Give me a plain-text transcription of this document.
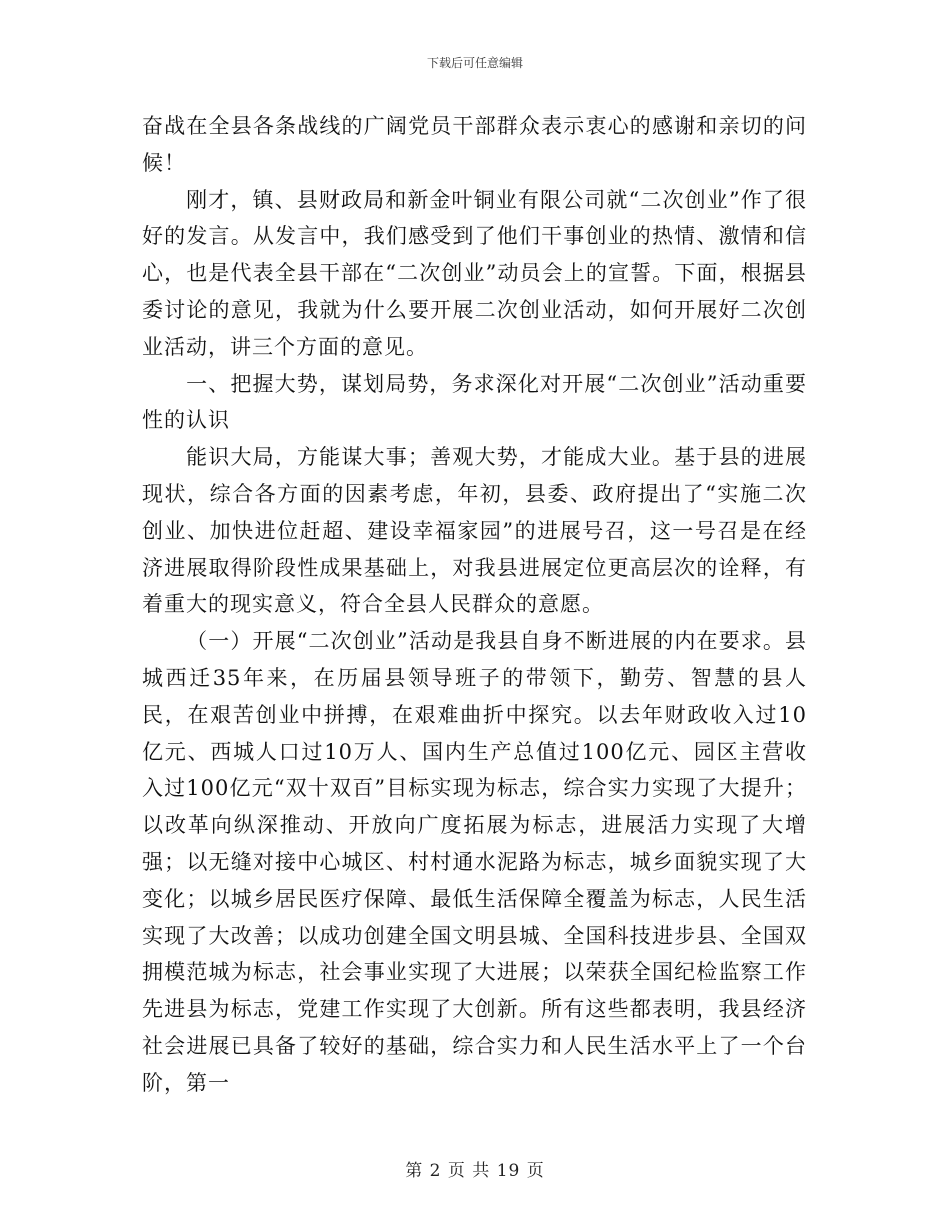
下载后可任意编辑

奋战在全县各条战线的广阔党员干部群众表示衷心的感谢和亲切的问候！

刚才，镇、县财政局和新金叶铜业有限公司就“二次创业”作了很好的发言。从发言中，我们感受到了他们干事创业的热情、激情和信心，也是代表全县干部在“二次创业”动员会上的宣誓。下面，根据县委讨论的意见，我就为什么要开展二次创业活动，如何开展好二次创业活动，讲三个方面的意见。

一、把握大势，谋划局势，务求深化对开展“二次创业”活动重要性的认识

能识大局，方能谋大事；善观大势，才能成大业。基于县的进展现状，综合各方面的因素考虑，年初，县委、政府提出了“实施二次创业、加快进位赶超、建设幸福家园”的进展号召，这一号召是在经济进展取得阶段性成果基础上，对我县进展定位更高层次的诠释，有着重大的现实意义，符合全县人民群众的意愿。

（一）开展“二次创业”活动是我县自身不断进展的内在要求。县城西迁35年来，在历届县领导班子的带领下，勤劳、智慧的县人民，在艰苦创业中拼搏，在艰难曲折中探究。以去年财政收入过10亿元、西城人口过10万人、国内生产总值过100亿元、园区主营收入过100亿元“双十双百”目标实现为标志，综合实力实现了大提升；以改革向纵深推动、开放向广度拓展为标志，进展活力实现了大增强；以无缝对接中心城区、村村通水泥路为标志，城乡面貌实现了大变化；以城乡居民医疗保障、最低生活保障全覆盖为标志，人民生活实现了大改善；以成功创建全国文明县城、全国科技进步县、全国双拥模范城为标志，社会事业实现了大进展；以荣获全国纪检监察工作先进县为标志，党建工作实现了大创新。所有这些都表明，我县经济社会进展已具备了较好的基础，综合实力和人民生活水平上了一个台阶，第一

第 2 页 共 19 页
